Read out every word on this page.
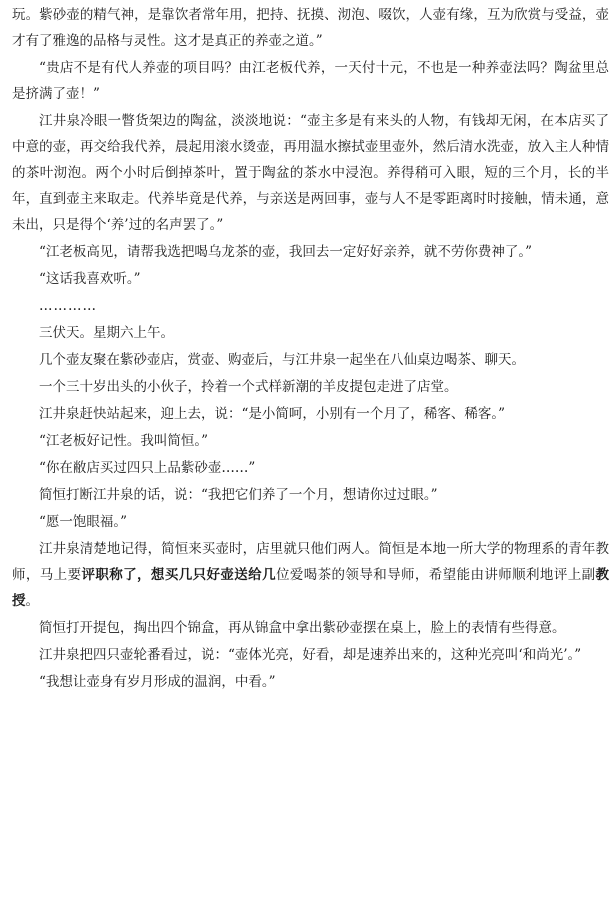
玩。紫砂壶的精气神，是靠饮者常年用，把持、抚摸、沏泡、啜饮，人壶有缘，互为欣赏与受益，壶才有了雅逸的品格与灵性。这才是真正的养壶之道。”

“贵店不是有代人养壶的项目吗？由江老板代养，一天付十元，不也是一种养壶法吗？陶盆里总是挤满了壶！”

江井泉冷眼一瞥货架边的陶盆，淡淡地说：“壶主多是有来头的人物，有钱却无闲，在本店买了中意的壶，再交给我代养，晨起用滚水烫壶，再用温水擦拭壶里壶外，然后清水洗壶，放入主人种情的茶叶沏泡。两个小时后倒掉茶叶，置于陶盆的茶水中浸泡。养得稍可入眼，短的三个月，长的半年，直到壶主来取走。代养毕竟是代养，与亲送是两回事，壶与人不是零距离时时接触，情未通，意未出，只是得个‘养’过的名声罢了。”

“江老板高见，请帮我选把喝乌龙茶的壶，我回去一定好好亲养，就不劳你费神了。”

“这话我喜欢听。”

…………

三伏天。星期六上午。

几个壶友聚在紫砂壶店，赏壶、购壶后，与江井泉一起坐在八仙桌边喝茶、聊天。

一个三十岁出头的小伙子，拎着一个式样新潮的羊皮提包走进了店堂。

江井泉赶快站起来，迎上去，说：“是小简呵，小别有一个月了，稀客、稀客。”

“江老板好记性。我叫简恒。”

“你在敝店买过四只上品紫砂壶……”

简恒打断江井泉的话，说：“我把它们养了一个月，想请你过过眼。”

“愿一饱眼福。”

江井泉清楚地记得，简恒来买壶时，店里就只他们两人。简恒是本地一所大学的物理系的青年教师，马上要评职称了，想买几只好壶送给几位爱喝茶的领导和导师，希望能由讲师顺利地评上副教授。

简恒打开提包，掏出四个锦盒，再从锦盒中拿出紫砂壶摆在桌上，脸上的表情有些得意。

江井泉把四只壶轮番看过，说：“壶体光亮，好看，却是速养出来的，这种光亮叫‘和尚光’。”

“我想让壶身有岁月形成的温润，中看。”
